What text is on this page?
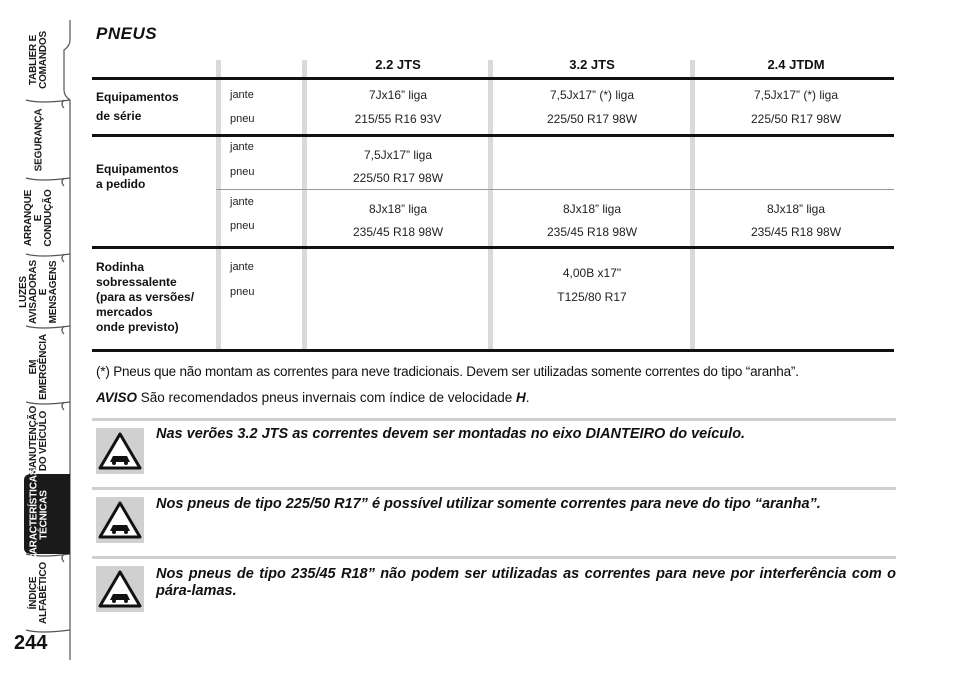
TABLIER E
COMANDOS
SEGURANÇA
ARRANQUE
E CONDUÇÃO
LUZES
AVISADORAS
E MENSAGENS
EM EMERGÊNCIA
MANUTENÇÃO
DO VEÍCULO
CARACTERÍSTICAS
TÉCNICAS
ÍNDICE
ALFABÉTICO
244
PNEUS
2.2 JTS	3.2 JTS	2.4 JTDM
Equipamentos
de série
jante
pneu
7Jx16” liga
215/55 R16 93V
7,5Jx17” (*) liga
225/50 R17 98W
7,5Jx17” (*) liga
225/50 R17 98W
Equipamentos
a pedido
jante
pneu
7,5Jx17” liga
225/50 R17 98W
jante
pneu
8Jx18” liga
235/45 R18 98W
8Jx18” liga
235/45 R18 98W
8Jx18” liga
235/45 R18 98W
Rodinha
sobressalente
(para as versões/
mercados
onde previsto)
jante
pneu
4,00B x17"
T125/80 R17
(*) Pneus que não montam as correntes para neve tradicionais. Devem ser utilizadas somente correntes do tipo “aranha”.
AVISO São recomendados pneus invernais com índice de velocidade H.
Nas verões 3.2 JTS as correntes devem ser montadas no eixo DIANTEIRO do veículo.
Nos pneus de tipo 225/50 R17” é possível utilizar somente correntes para neve do tipo “aranha”.
Nos pneus de tipo 235/45 R18” não podem ser utilizadas as correntes para neve por interferência com o pára-lamas.
